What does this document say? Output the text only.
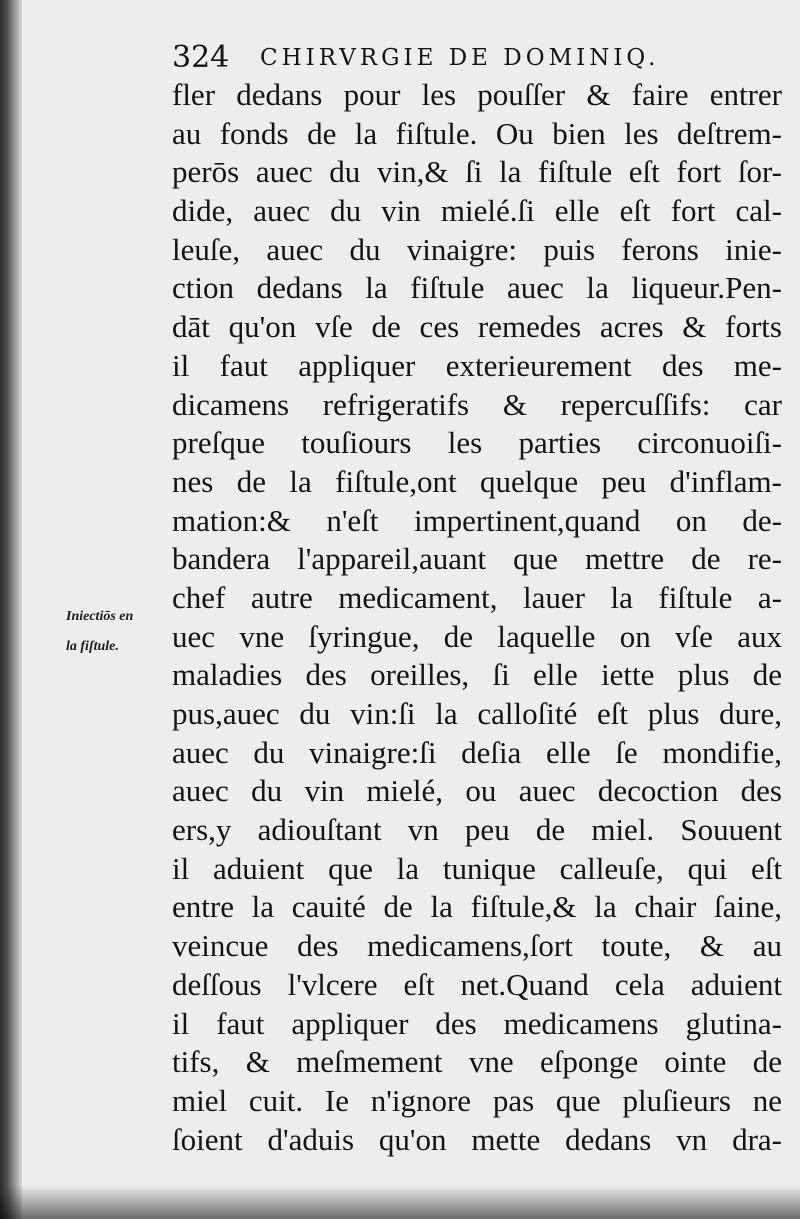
324 CHIRVRGIE DE DOMINIQ.
Iniectiōs en
la fiſtule.
fler dedans pour les pouſſer & faire entrer
au fonds de la fiſtule. Ou bien les deſtrem-
perōs auec du vin,& ſi la fiſtule eſt fort ſor-
dide, auec du vin mielé.ſi elle eſt fort cal-
leuſe, auec du vinaigre: puis ferons inie-
ction dedans la fiſtule auec la liqueur.Pen-
dāt qu'on vſe de ces remedes acres & forts
il faut appliquer exterieurement des me-
dicamens refrigeratifs & repercuſſifs: car
preſque touſiours les parties circonuoiſi-
nes de la fiſtule,ont quelque peu d'inflam-
mation:& n'eſt impertinent,quand on de-
bandera l'appareil,auant que mettre de re-
chef autre medicament, lauer la fiſtule a-
uec vne ſyringue, de laquelle on vſe aux
maladies des oreilles, ſi elle iette plus de
pus,auec du vin:ſi la calloſité eſt plus dure,
auec du vinaigre:ſi deſia elle ſe mondifie,
auec du vin mielé, ou auec decoction des
ers,y adiouſtant vn peu de miel. Souuent
il aduient que la tunique calleuſe, qui eſt
entre la cauité de la fiſtule,& la chair ſaine,
veincue des medicamens,ſort toute, & au
deſſous l'vlcere eſt net.Quand cela aduient
il faut appliquer des medicamens glutina-
tifs, & meſmement vne eſponge ointe de
miel cuit. Ie n'ignore pas que pluſieurs ne
ſoient d'aduis qu'on mette dedans vn dra-
